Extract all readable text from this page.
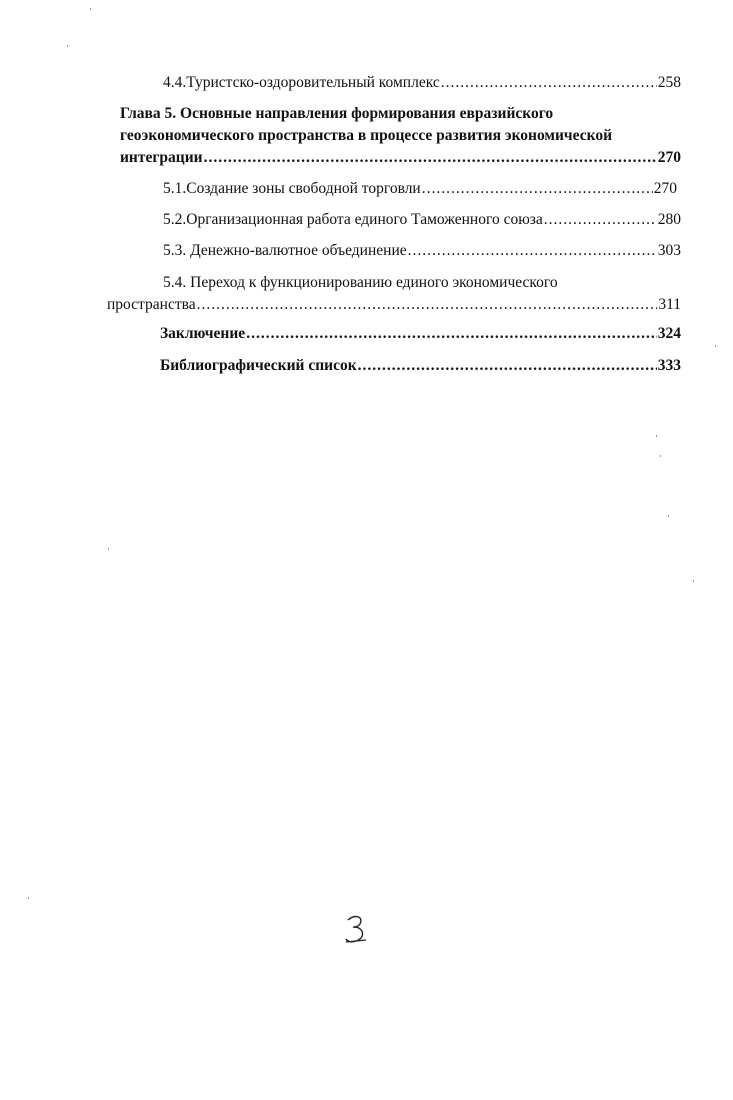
4.4.Туристско-оздоровительный комплекс .....	258
Глава 5. Основные направления формирования евразийского
геоэкономического пространства в процессе развития экономической
интеграции .....	270
5.1.Создание зоны свободной торговли .....	270
5.2.Организационная работа единого Таможенного союза .....	280
5.3. Денежно-валютное объединение .....	303
5.4. Переход к функционированию единого экономического
пространства .....	311
Заключение .....	324
Библиографический список .....	333
